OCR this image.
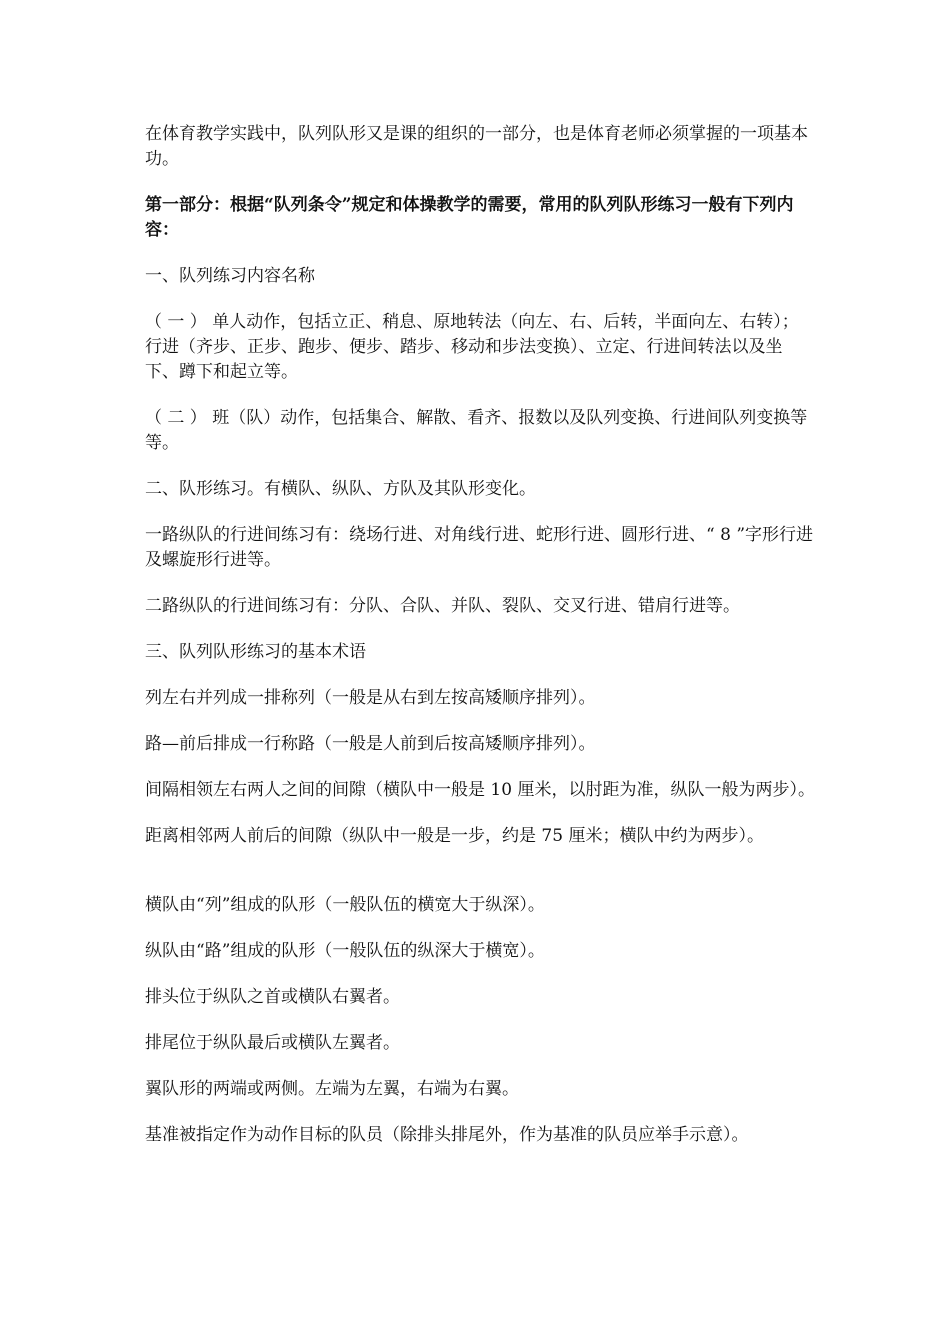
在体育教学实践中，队列队形又是课的组织的一部分，也是体育老师必须掌握的一项基本功。

第一部分：根据“队列条令”规定和体操教学的需要，常用的队列队形练习一般有下列内容：

一、队列练习内容名称

（ 一 ） 单人动作，包括立正、稍息、原地转法（向左、右、后转，半面向左、右转）；行进（齐步、正步、跑步、便步、踏步、移动和步法变换）、立定、行进间转法以及坐下、蹲下和起立等。

（ 二 ） 班（队）动作，包括集合、解散、看齐、报数以及队列变换、行进间队列变换等等。

二、队形练习。有横队、纵队、方队及其队形变化。

一路纵队的行进间练习有：绕场行进、对角线行进、蛇形行进、圆形行进、“ 8 ”字形行进及螺旋形行进等。

二路纵队的行进间练习有：分队、合队、并队、裂队、交叉行进、错肩行进等。

三、队列队形练习的基本术语

列左右并列成一排称列（一般是从右到左按高矮顺序排列）。

路—前后排成一行称路（一般是人前到后按高矮顺序排列）。

间隔相领左右两人之间的间隙（横队中一般是 10 厘米，以肘距为准，纵队一般为两步）。

距离相邻两人前后的间隙（纵队中一般是一步，约是 75 厘米；横队中约为两步）。

横队由“列”组成的队形（一般队伍的横宽大于纵深）。

纵队由“路”组成的队形（一般队伍的纵深大于横宽）。

排头位于纵队之首或横队右翼者。

排尾位于纵队最后或横队左翼者。

翼队形的两端或两侧。左端为左翼，右端为右翼。

基准被指定作为动作目标的队员（除排头排尾外，作为基准的队员应举手示意）。
